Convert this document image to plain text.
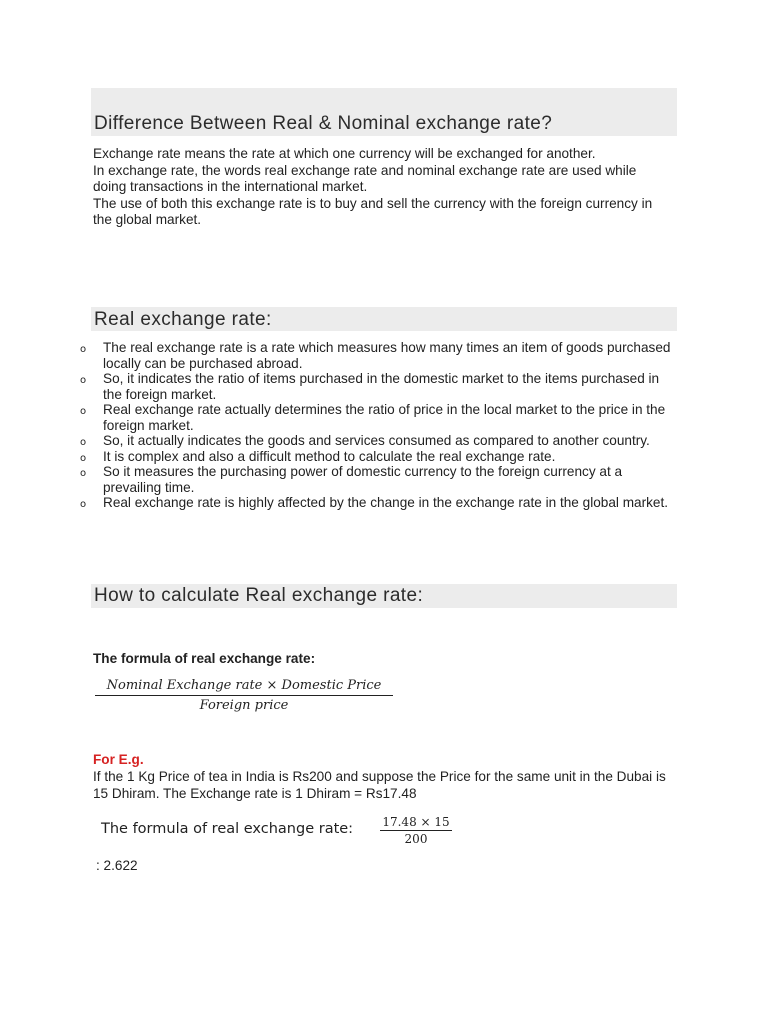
Difference Between Real & Nominal exchange rate?
Exchange rate means the rate at which one currency will be exchanged for another.
In exchange rate, the words real exchange rate and nominal exchange rate are used while doing transactions in the international market.
The use of both this exchange rate is to buy and sell the currency with the foreign currency in the global market.
Real exchange rate:
o The real exchange rate is a rate which measures how many times an item of goods purchased locally can be purchased abroad.
o So, it indicates the ratio of items purchased in the domestic market to the items purchased in the foreign market.
o Real exchange rate actually determines the ratio of price in the local market to the price in the foreign market.
o So, it actually indicates the goods and services consumed as compared to another country.
o It is complex and also a difficult method to calculate the real exchange rate.
o So it measures the purchasing power of domestic currency to the foreign currency at a prevailing time.
o Real exchange rate is highly affected by the change in the exchange rate in the global market.
How to calculate Real exchange rate:
The formula of real exchange rate:
Nominal Exchange rate × Domestic Price
Foreign price
For E.g.

If the 1 Kg Price of tea in India is Rs200 and suppose the Price for the same unit in the Dubai is 15 Dhiram. The Exchange rate is 1 Dhiram = Rs17.48

The formula of real exchange rate: 17.48 × 15
200
: 2.622
